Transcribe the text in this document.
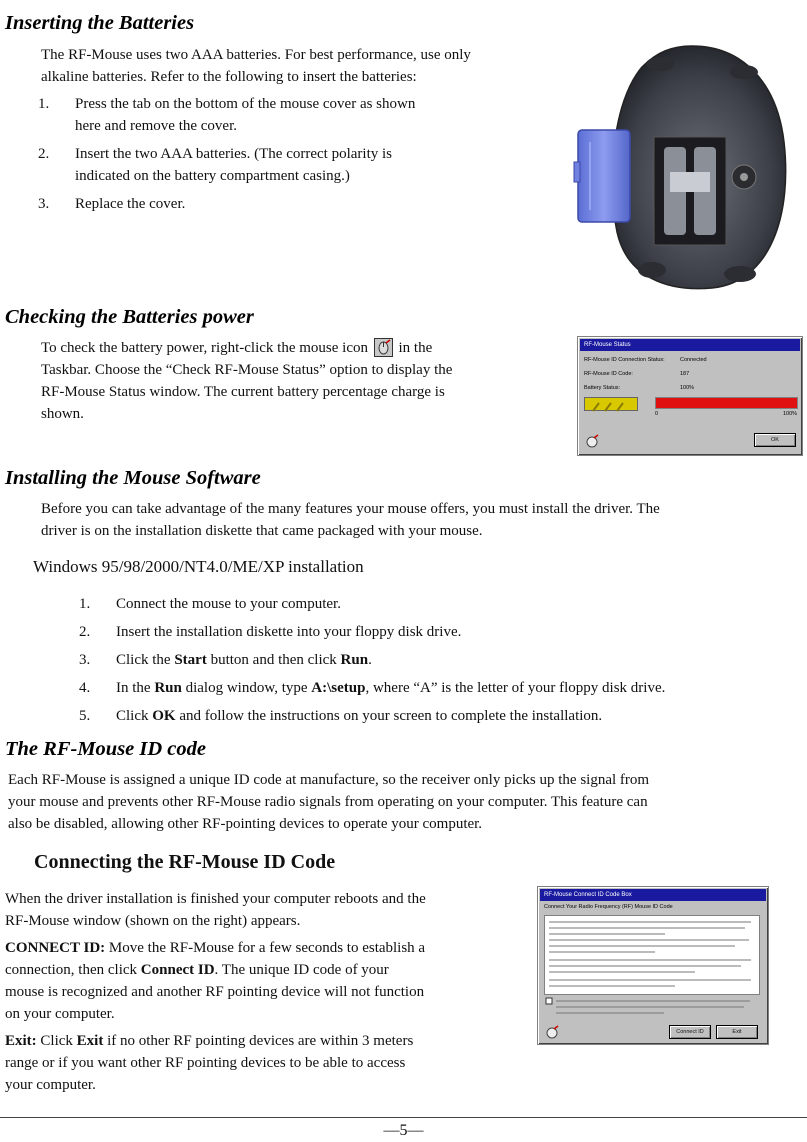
Inserting the Batteries

The RF-Mouse uses two AAA batteries. For best performance, use only

alkaline batteries. Refer to the following to insert the batteries:

1. Press the tab on the bottom of the mouse cover as shown
here and remove the cover.
2. Insert the two AAA batteries. (The correct polarity is
indicated on the battery compartment casing.)
3. Replace the cover.
Checking the Batteries power

To check the battery power, right-click the mouse icon in the

Taskbar. Choose the “Check RF-Mouse Status” option to display the

RF-Mouse Status window. The current battery percentage charge is

shown.

RF-Mouse Status
RF-Mouse ID Connection Status:	Connected
RF-Mouse ID Code:	187
Battery Status:	100%
0	100%
OK
Installing the Mouse Software

Before you can take advantage of the many features your mouse offers, you must install the driver. The

driver is on the installation diskette that came packaged with your mouse.

Windows 95/98/2000/NT4.0/ME/XP installation

1. Connect the mouse to your computer.
2. Insert the installation diskette into your floppy disk drive.
3. Click the Start button and then click Run.
4. In the Run dialog window, type A:\setup, where “A” is the letter of your floppy disk drive.
5. Click OK and follow the instructions on your screen to complete the installation.
The RF-Mouse ID code

Each RF-Mouse is assigned a unique ID code at manufacture, so the receiver only picks up the signal from

your mouse and prevents other RF-Mouse radio signals from operating on your computer. This feature can

also be disabled, allowing other RF-pointing devices to operate your computer.

Connecting the RF-Mouse ID Code

When the driver installation is finished your computer reboots and the

RF-Mouse window (shown on the right) appears.

CONNECT ID: Move the RF-Mouse for a few seconds to establish a

connection, then click Connect ID. The unique ID code of your

mouse is recognized and another RF pointing device will not function

on your computer.

Exit: Click Exit if no other RF pointing devices are within 3 meters

range or if you want other RF pointing devices to be able to access

your computer.

RF-Mouse Connect ID Code Box
Connect Your Radio Frequency (RF) Mouse ID Code
Connect ID	Exit
—5—
